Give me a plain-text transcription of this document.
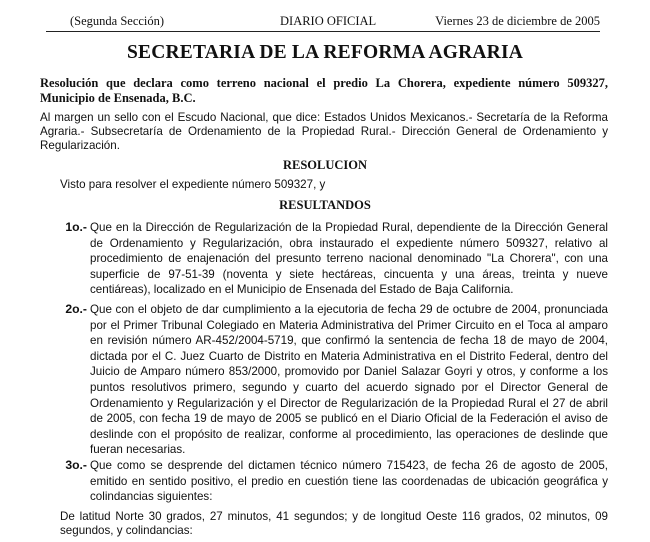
(Segunda Sección)	DIARIO OFICIAL	Viernes 23 de diciembre de 2005
SECRETARIA DE LA REFORMA AGRARIA
Resolución que declara como terreno nacional el predio La Chorera, expediente número 509327, Municipio de Ensenada, B.C.
Al margen un sello con el Escudo Nacional, que dice: Estados Unidos Mexicanos.- Secretaría de la Reforma Agraria.- Subsecretaría de Ordenamiento de la Propiedad Rural.- Dirección General de Ordenamiento y Regularización.
RESOLUCION
Visto para resolver el expediente número 509327, y
RESULTANDOS
1o.- Que en la Dirección de Regularización de la Propiedad Rural, dependiente de la Dirección General de Ordenamiento y Regularización, obra instaurado el expediente número 509327, relativo al procedimiento de enajenación del presunto terreno nacional denominado "La Chorera", con una superficie de 97-51-39 (noventa y siete hectáreas, cincuenta y una áreas, treinta y nueve centiáreas), localizado en el Municipio de Ensenada del Estado de Baja California.
2o.- Que con el objeto de dar cumplimiento a la ejecutoria de fecha 29 de octubre de 2004, pronunciada por el Primer Tribunal Colegiado en Materia Administrativa del Primer Circuito en el Toca al amparo en revisión número AR-452/2004-5719, que confirmó la sentencia de fecha 18 de mayo de 2004, dictada por el C. Juez Cuarto de Distrito en Materia Administrativa en el Distrito Federal, dentro del Juicio de Amparo número 853/2000, promovido por Daniel Salazar Goyri y otros, y conforme a los puntos resolutivos primero, segundo y cuarto del acuerdo signado por el Director General de Ordenamiento y Regularización y el Director de Regularización de la Propiedad Rural el 27 de abril de 2005, con fecha 19 de mayo de 2005 se publicó en el Diario Oficial de la Federación el aviso de deslinde con el propósito de realizar, conforme al procedimiento, las operaciones de deslinde que fueran necesarias.
3o.- Que como se desprende del dictamen técnico número 715423, de fecha 26 de agosto de 2005, emitido en sentido positivo, el predio en cuestión tiene las coordenadas de ubicación geográfica y colindancias siguientes:
De latitud Norte 30 grados, 27 minutos, 41 segundos; y de longitud Oeste 116 grados, 02 minutos, 09 segundos, y colindancias:
